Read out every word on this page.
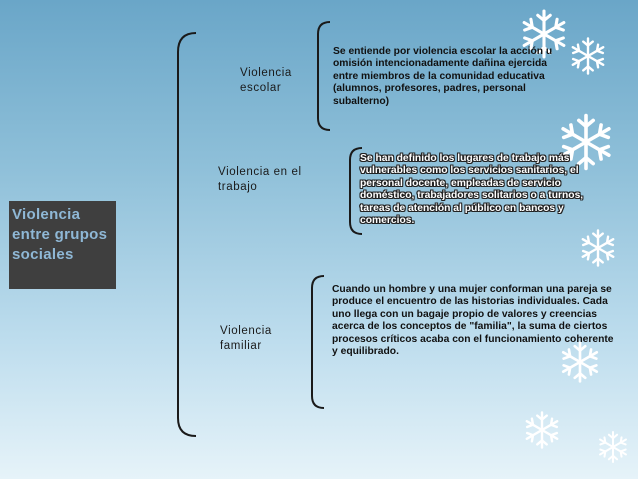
Violencia entre grupos sociales
Violencia escolar
Se entiende por violencia escolar la acción u omisión intencionadamente dañina ejercida entre miembros de la comunidad educativa (alumnos, profesores, padres, personal subalterno)
Violencia en el trabajo
Se han definido los lugares de trabajo más vulnerables como los servicios sanitarios, el personal docente, empleadas de servicio doméstico, trabajadores solitarios o a turnos, tareas de atención al público en bancos y comercios.
Violencia familiar
Cuando un hombre y una mujer conforman una pareja se produce el encuentro de las historias individuales. Cada uno llega con un bagaje propio de valores y creencias acerca de los conceptos de "familia", la suma de ciertos procesos críticos acaba con el funcionamiento coherente y equilibrado.
